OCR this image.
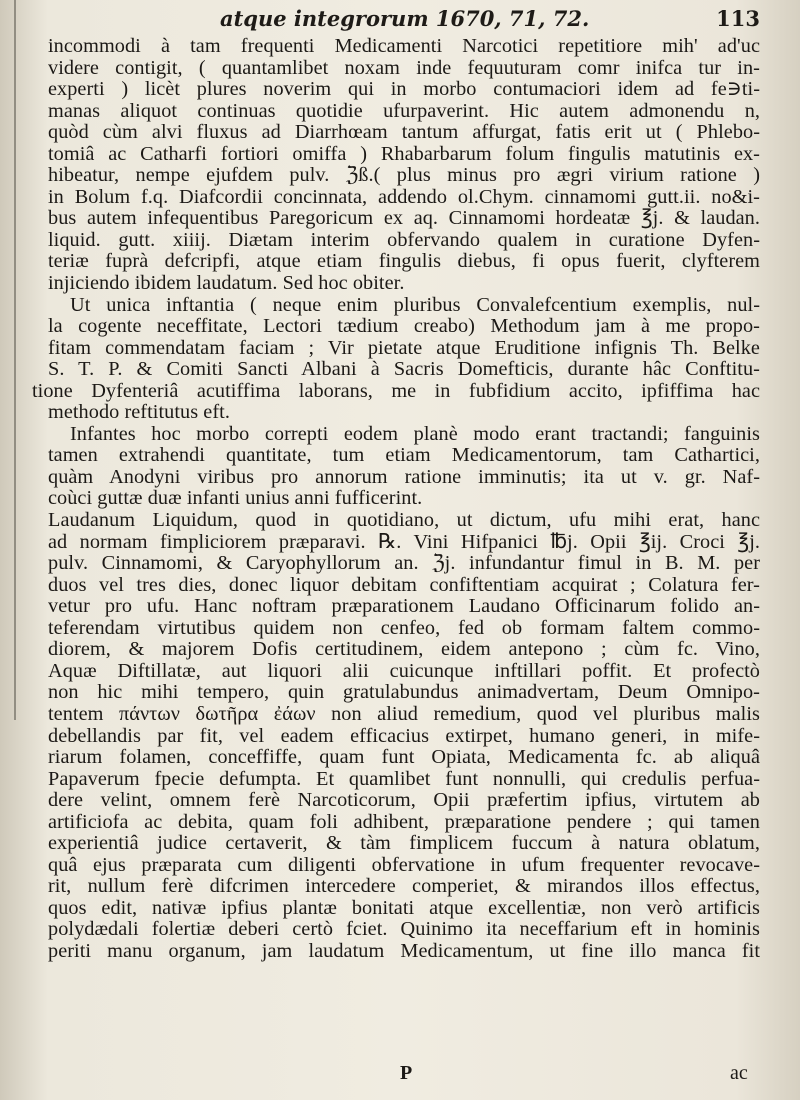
atque integrorum 1670, 71, 72.	113
incommodi à tam frequenti Medicamenti Narcotici repetitiore mih' ad'uc
videre contigit, ( quantamlibet noxam inde fequuturam comr inifca tur in-
experti ) licèt plures noverim qui in morbo contumaciori idem ad fe∋ti-
manas aliquot continuas quotidie ufurpaverint. Hic autem admonendu n,
quòd cùm alvi fluxus ad Diarrhœam tantum affurgat, fatis erit ut ( Phlebo-
tomiâ ac Catharfi fortiori omiffa ) Rhabarbarum folum fingulis matutinis ex-
hibeatur, nempe ejufdem pulv. ℨß.( plus minus pro ægri virium ratione )
in Bolum f.q. Diafcordii concinnata, addendo ol.Chym. cinnamomi gutt.ii. no&i-
bus autem infequentibus Paregoricum ex aq. Cinnamomi hordeatæ ℥j. & laudan.
liquid. gutt. xiiij. Diætam interim obfervando qualem in curatione Dyfen-
teriæ fuprà defcripfi, atque etiam fingulis diebus, fi opus fuerit, clyfterem
injiciendo ibidem laudatum. Sed hoc obiter.
Ut unica inftantia ( neque enim pluribus Convalefcentium exemplis, nul-
la cogente neceffitate, Lectori tædium creabo) Methodum jam à me propo-
fitam commendatam faciam ; Vir pietate atque Eruditione infignis Th. Belke
S. T. P. & Comiti Sancti Albani à Sacris Domefticis, durante hâc Conftitu-
tione Dyfenteriâ acutiffima laborans, me in fubfidium accito, ipfiffima hac
methodo reftitutus eft.
Infantes hoc morbo correpti eodem planè modo erant tractandi; fanguinis
tamen extrahendi quantitate, tum etiam Medicamentorum, tam Cathartici,
quàm Anodyni viribus pro annorum ratione imminutis; ita ut v. gr. Naf-
coùci guttæ duæ infanti unius anni fufficerint.
Laudanum Liquidum, quod in quotidiano, ut dictum, ufu mihi erat, hanc
ad normam fimpliciorem præparavi. ℞. Vini Hifpanici ℔j. Opii ℥ij. Croci ℥j.
pulv. Cinnamomi, & Caryophyllorum an. ℨj. infundantur fimul in B. M. per
duos vel tres dies, donec liquor debitam confiftentiam acquirat ; Colatura fer-
vetur pro ufu. Hanc noftram præparationem Laudano Officinarum folido an-
teferendam virtutibus quidem non cenfeo, fed ob formam faltem commo-
diorem, & majorem Dofis certitudinem, eidem antepono ; cùm fc. Vino,
Aquæ Diftillatæ, aut liquori alii cuicunque inftillari poffit. Et profectò
non hic mihi tempero, quin gratulabundus animadvertam, Deum Omnipo-
tentem πάντων δωτῆρα ἐάων non aliud remedium, quod vel pluribus malis
debellandis par fit, vel eadem efficacius extirpet, humano generi, in mife-
riarum folamen, conceffiffe, quam funt Opiata, Medicamenta fc. ab aliquâ
Papaverum fpecie defumpta. Et quamlibet funt nonnulli, qui credulis perfua-
dere velint, omnem ferè Narcoticorum, Opii præfertim ipfius, virtutem ab
artificiofa ac debita, quam foli adhibent, præparatione pendere ; qui tamen
experientiâ judice certaverit, & tàm fimplicem fuccum à natura oblatum,
quâ ejus præparata cum diligenti obfervatione in ufum frequenter revocave-
rit, nullum ferè difcrimen intercedere comperiet, & mirandos illos effectus,
quos edit, nativæ ipfius plantæ bonitati atque excellentiæ, non verò artificis
polydædali folertiæ deberi certò fciet. Quinimo ita neceffarium eft in hominis
periti manu organum, jam laudatum Medicamentum, ut fine illo manca fit
P	ac
